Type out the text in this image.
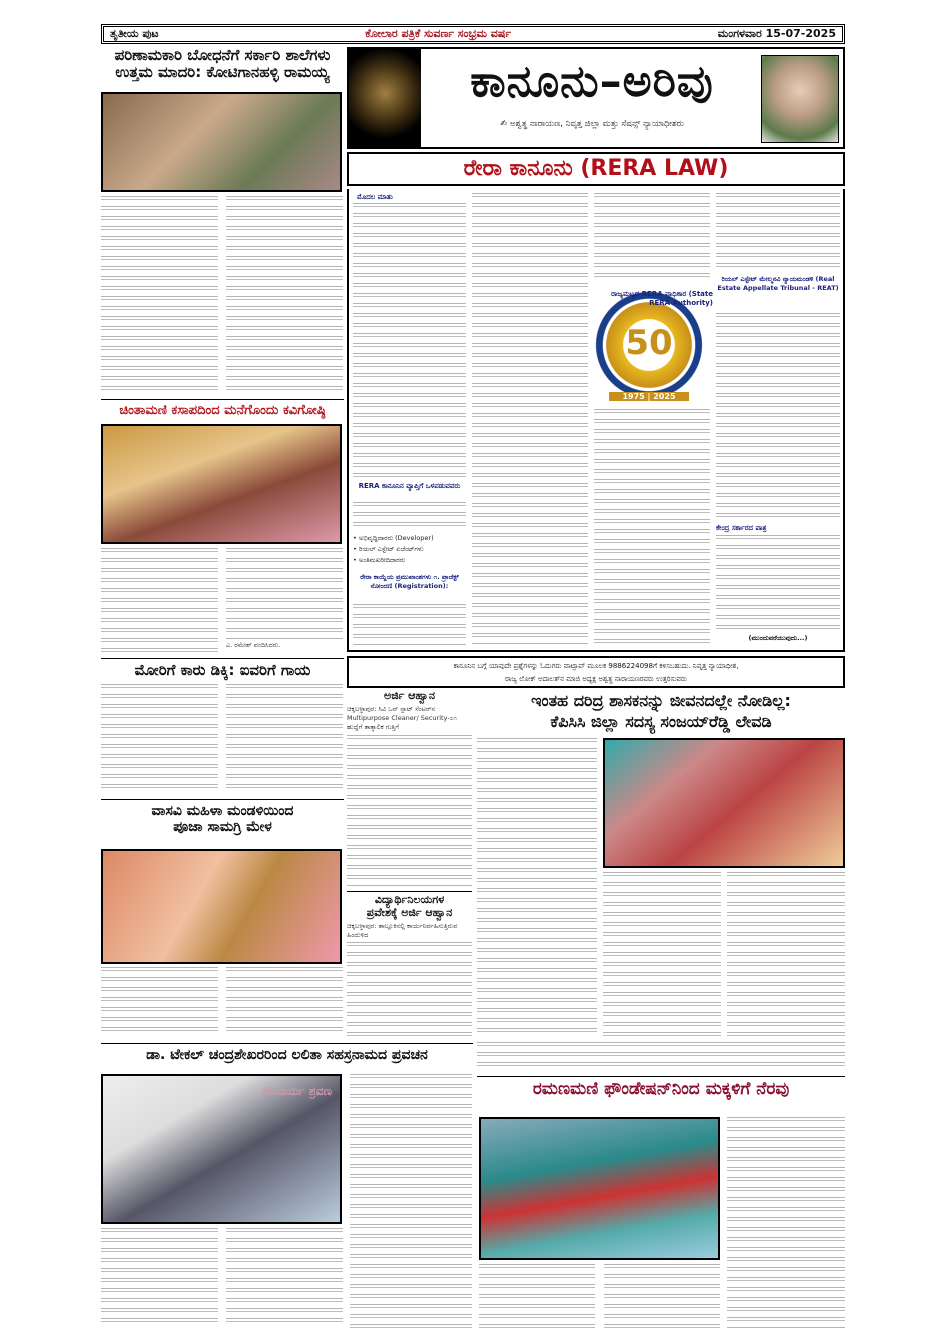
ತೃತೀಯ ಪುಟ	ಕೋಲಾರ ಪತ್ರಿಕೆ ಸುವರ್ಣ ಸಂಭ್ರಮ ವರ್ಷ	ಮಂಗಳವಾರ 15-07-2025
ಪರಿಣಾಮಕಾರಿ ಬೋಧನೆಗೆ ಸರ್ಕಾರಿ ಶಾಲೆಗಳು
ಉತ್ತಮ ಮಾದರಿ: ಕೋಟಿಗಾನಹಳ್ಳಿ ರಾಮಯ್ಯ
ಚಿಂತಾಮಣಿ ಕಸಾಪದಿಂದ ಮನೆಗೊಂದು ಕವಿಗೋಷ್ಠಿ
ಎ. ರಮೇಶ್ ವಂದಿಸಿದರು.
ಮೋರಿಗೆ ಕಾರು ಡಿಕ್ಕಿ: ಐವರಿಗೆ ಗಾಯ
ವಾಸವಿ ಮಹಿಳಾ ಮಂಡಳಿಯಿಂದ
ಪೂಜಾ ಸಾಮಗ್ರಿ ಮೇಳ
ಅರ್ಜಿ ಆಹ್ವಾನ
ಚಿಕ್ಕಬಳ್ಳಾಪುರ: ಸಿವಿ ಒನ್ ಸ್ಪಾಟ್ ಸೆಂಟರ್‌ನ Multipurpose Cleaner/ Security-೦೧ ಹುದ್ದೆಗೆ ತಾತ್ಕಾಲಿಕ ಗುತ್ತಿಗೆ
ವಿದ್ಯಾರ್ಥಿನಿಲಯಗಳ
ಪ್ರವೇಶಕ್ಕೆ ಅರ್ಜಿ ಆಹ್ವಾನ
ಚಿಕ್ಕಬಳ್ಳಾಪುರ: ತಾಲ್ಲೂಕಿನಲ್ಲಿ ಕಾರ್ಯನಿರ್ವಹಿಸುತ್ತಿರುವ ಹಿಂದುಳಿದ
ಡಾ. ಟೇಕಲ್ ಚಂದ್ರಶೇಖರರಿಂದ ಲಲಿತಾ ಸಹಸ್ರನಾಮದ ಪ್ರವಚನ
ಸೌಂದರ್ಯ ಶ್ರವಣ
ಕಾನೂನು–ಅರಿವು
✍ ಅಶ್ವತ್ಥ ನಾರಾಯಣ, ನಿವೃತ್ತ ಜಿಲ್ಲಾ ಮತ್ತು ಸೆಷನ್ಸ್ ನ್ಯಾಯಾಧೀಶರು
ರೇರಾ ಕಾನೂನು (RERA LAW)
ಮೊದಲ ಮಾತು
RERA ಕಾನೂನಿನ ವ್ಯಾಪ್ತಿಗೆ ಒಳಪಡುವವರು
• ಅಭಿವೃದ್ಧಿದಾರರು (Developer)
• ರಿಯಲ್ ಎಸ್ಟೇಟ್ ಏಜೆಂಟ್‌ಗಳು
• ಅಂತಿಮಖರೀದಿದಾರರು
ರೇರಾ ಕಾಯ್ದೆಯ ಪ್ರಮುಖಾಂಶಗಳು ೧. ಪ್ರಾಜೆಕ್ಟ್ ನೋಂದಣಿ (Registration):
50
1975 | 2025
ರಿಯಲ್ ಎಸ್ಟೇಟ್ ಮೇಲ್ಮನವಿ ನ್ಯಾಯಮಂಡಳಿ (Real Estate Appellate Tribunal - REAT)
ಕೇಂದ್ರ ಸರ್ಕಾರದ ಪಾತ್ರ
(ಮುಂದುವರೆಯುವುದು...)
ರಾಜ್ಯಮಟ್ಟದ RERA ಪ್ರಾಧಿಕಾರ (State RERA Authority)
ಕಾನೂನಿನ ಬಗ್ಗೆ ಯಾವುದೇ ಪ್ರಶ್ನೆಗಳನ್ನು ಓದುಗರು ವಾಟ್ಸಾಪ್ ಮೂಲಕ 9886224098ಗೆ ಕಳಿಸಬಹುದು. ನಿವೃತ್ತ ನ್ಯಾಯಾಧೀಶ,
ರಾಜ್ಯ ಲೋಕ್ ಅದಾಲತ್‌ನ ಮಾಜಿ ಅಧ್ಯಕ್ಷ ಅಶ್ವತ್ಥ ನಾರಾಯಣರವರು ಉತ್ತರಿಸುವರು
ಇಂತಹ ದರಿದ್ರ ಶಾಸಕನನ್ನು ಜೀವನದಲ್ಲೇ ನೋಡಿಲ್ಲ:
ಕೆಪಿಸಿಸಿ ಜಿಲ್ಲಾ ಸದಸ್ಯ ಸಂಜಯ್‌ರೆಡ್ಡಿ ಲೇವಡಿ
ರಮಣಮಣಿ ಫೌಂಡೇಷನ್‌ನಿಂದ ಮಕ್ಕಳಿಗೆ ನೆರವು
